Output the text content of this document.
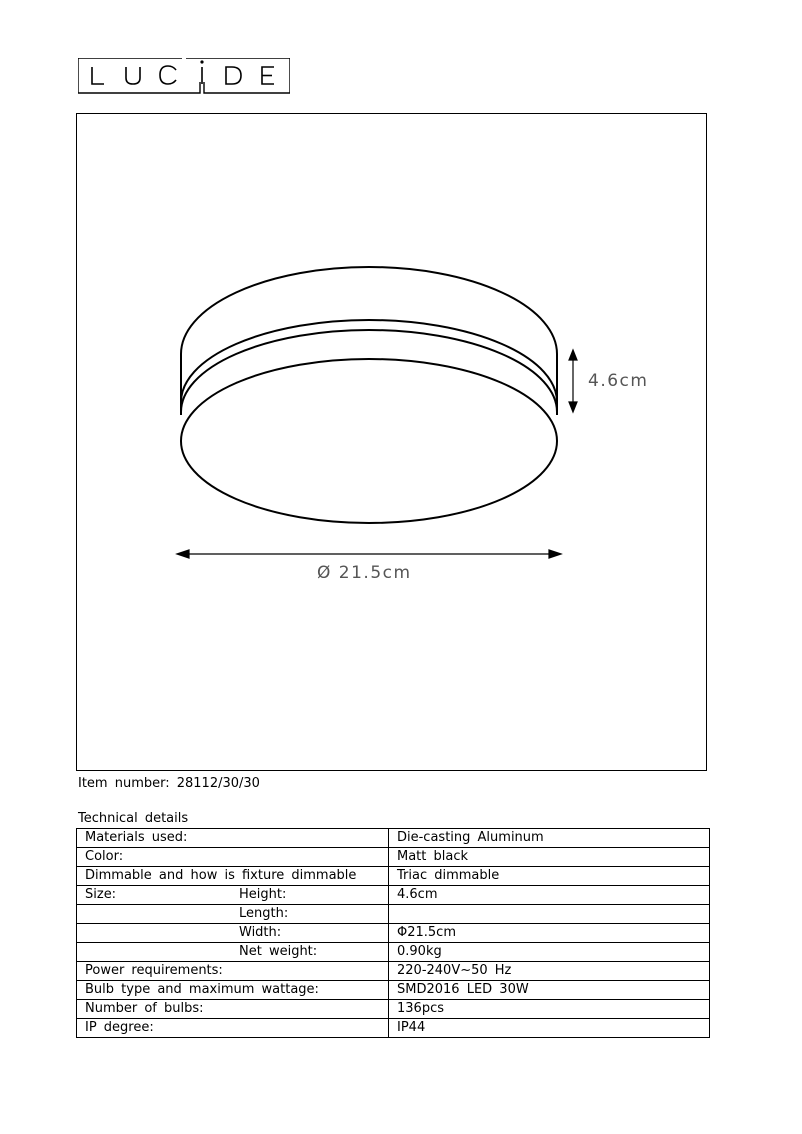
4.6cm
Ø 21.5cm
Item number: 28112/30/30
Technical details
Materials used:	Die-casting Aluminum
Color:	Matt black
Dimmable and how is fixture dimmable	Triac dimmable
Size: Height:	4.6cm

Length:	

Width:	Φ21.5cm

Net weight:	0.90kg
Power requirements:	220-240V~50 Hz
Bulb type and maximum wattage:	SMD2016 LED 30W
Number of bulbs:	136pcs
IP degree:	IP44
